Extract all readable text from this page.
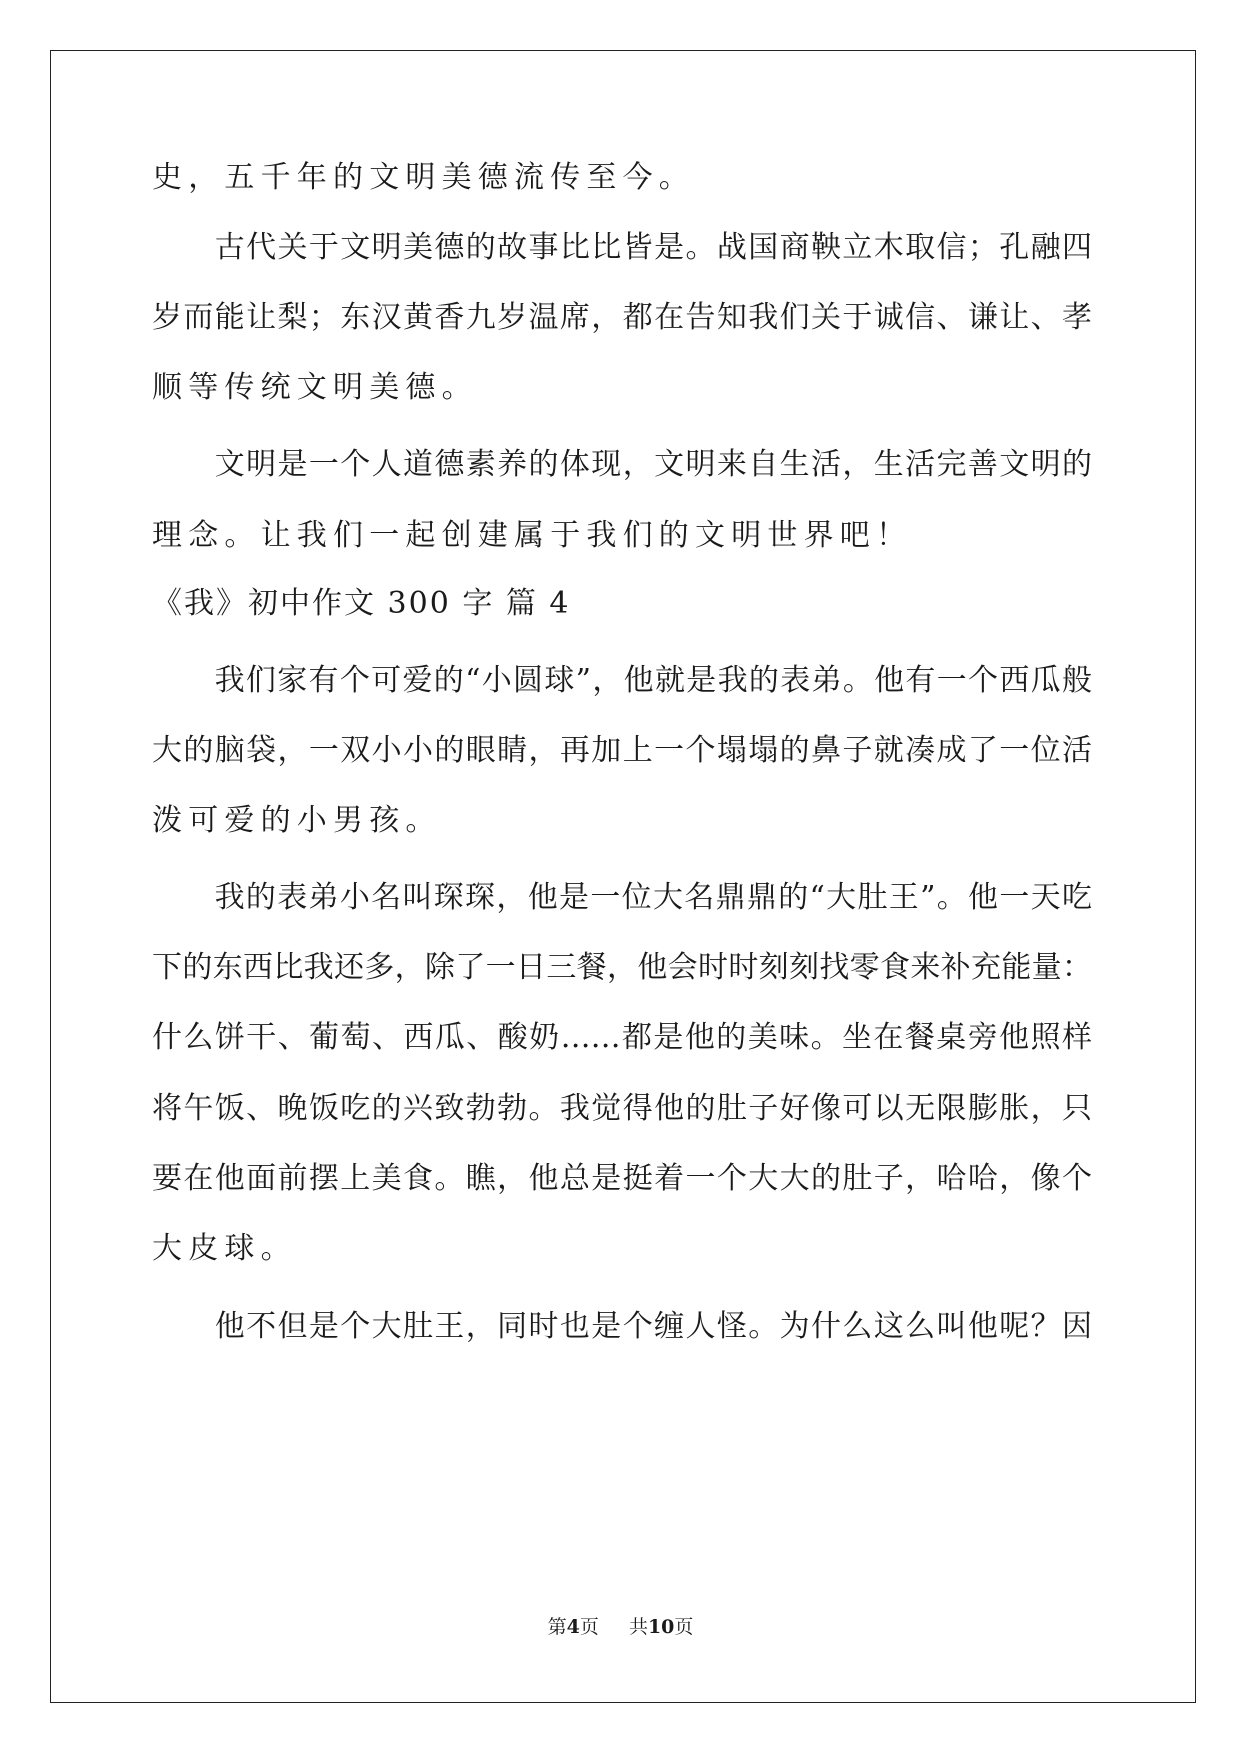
史，五千年的文明美德流传至今。
　　古代关于文明美德的故事比比皆是。战国商鞅立木取信；孔融四
岁而能让梨；东汉黄香九岁温席，都在告知我们关于诚信、谦让、孝
顺等传统文明美德。
　　文明是一个人道德素养的体现，文明来自生活，生活完善文明的
理念。让我们一起创建属于我们的文明世界吧！
《我》初中作文 300 字 篇 4
　　我们家有个可爱的“小圆球”，他就是我的表弟。他有一个西瓜般
大的脑袋，一双小小的眼睛，再加上一个塌塌的鼻子就凑成了一位活
泼可爱的小男孩。
　　我的表弟小名叫琛琛，他是一位大名鼎鼎的“大肚王”。他一天吃
下的东西比我还多，除了一日三餐，他会时时刻刻找零食来补充能量：
什么饼干、葡萄、西瓜、酸奶……都是他的美味。坐在餐桌旁他照样
将午饭、晚饭吃的兴致勃勃。我觉得他的肚子好像可以无限膨胀，只
要在他面前摆上美食。瞧，他总是挺着一个大大的肚子，哈哈，像个
大皮球。
　　他不但是个大肚王，同时也是个缠人怪。为什么这么叫他呢？因
第4页 共10页
